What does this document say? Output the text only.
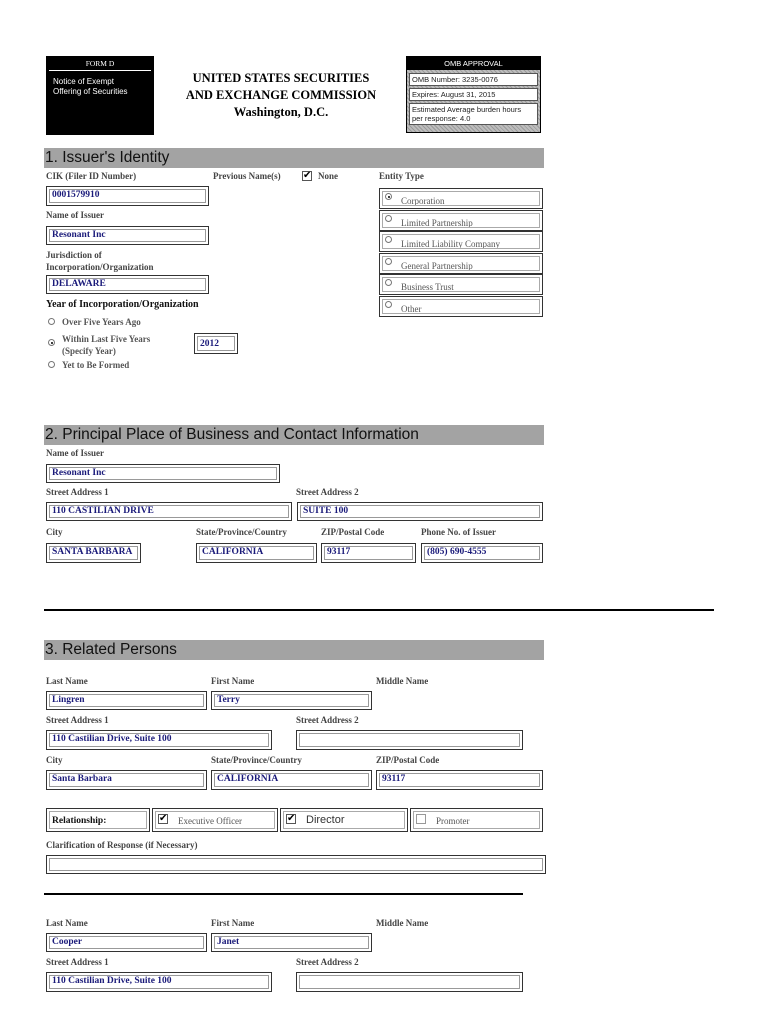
FORM D
Notice of Exempt
Offering of Securities
UNITED STATES SECURITIES
AND EXCHANGE COMMISSION
Washington, D.C.
OMB APPROVAL
OMB Number: 3235-0076
Expires: August 31, 2015
Estimated Average burden hours
per response: 4.0
1. Issuer's Identity
CIK (Filer ID Number)	Previous Name(s) ✔ None	Entity Type
0001579910
Name of Issuer
Resonant Inc
Jurisdiction of
Incorporation/Organization
DELAWARE
Corporation
Limited Partnership
Limited Liability Company
General Partnership
Business Trust
Other
Year of Incorporation/Organization
Over Five Years Ago
Within Last Five Years
(Specify Year)
2012
Yet to Be Formed
2. Principal Place of Business and Contact Information
Name of Issuer
Resonant Inc
Street Address 1	Street Address 2
110 CASTILIAN DRIVE	SUITE 100
City	State/Province/Country	ZIP/Postal Code	Phone No. of Issuer
SANTA BARBARA	CALIFORNIA	93117	(805) 690-4555
3. Related Persons
Last Name	First Name	Middle Name
Lingren	Terry
Street Address 1	Street Address 2
110 Castilian Drive, Suite 100
City	State/Province/Country	ZIP/Postal Code
Santa Barbara	CALIFORNIA	93117
Relationship:	✔ Executive Officer	✔ Director	Promoter
Clarification of Response (if Necessary)
Last Name	First Name	Middle Name
Cooper	Janet
Street Address 1	Street Address 2
110 Castilian Drive, Suite 100
